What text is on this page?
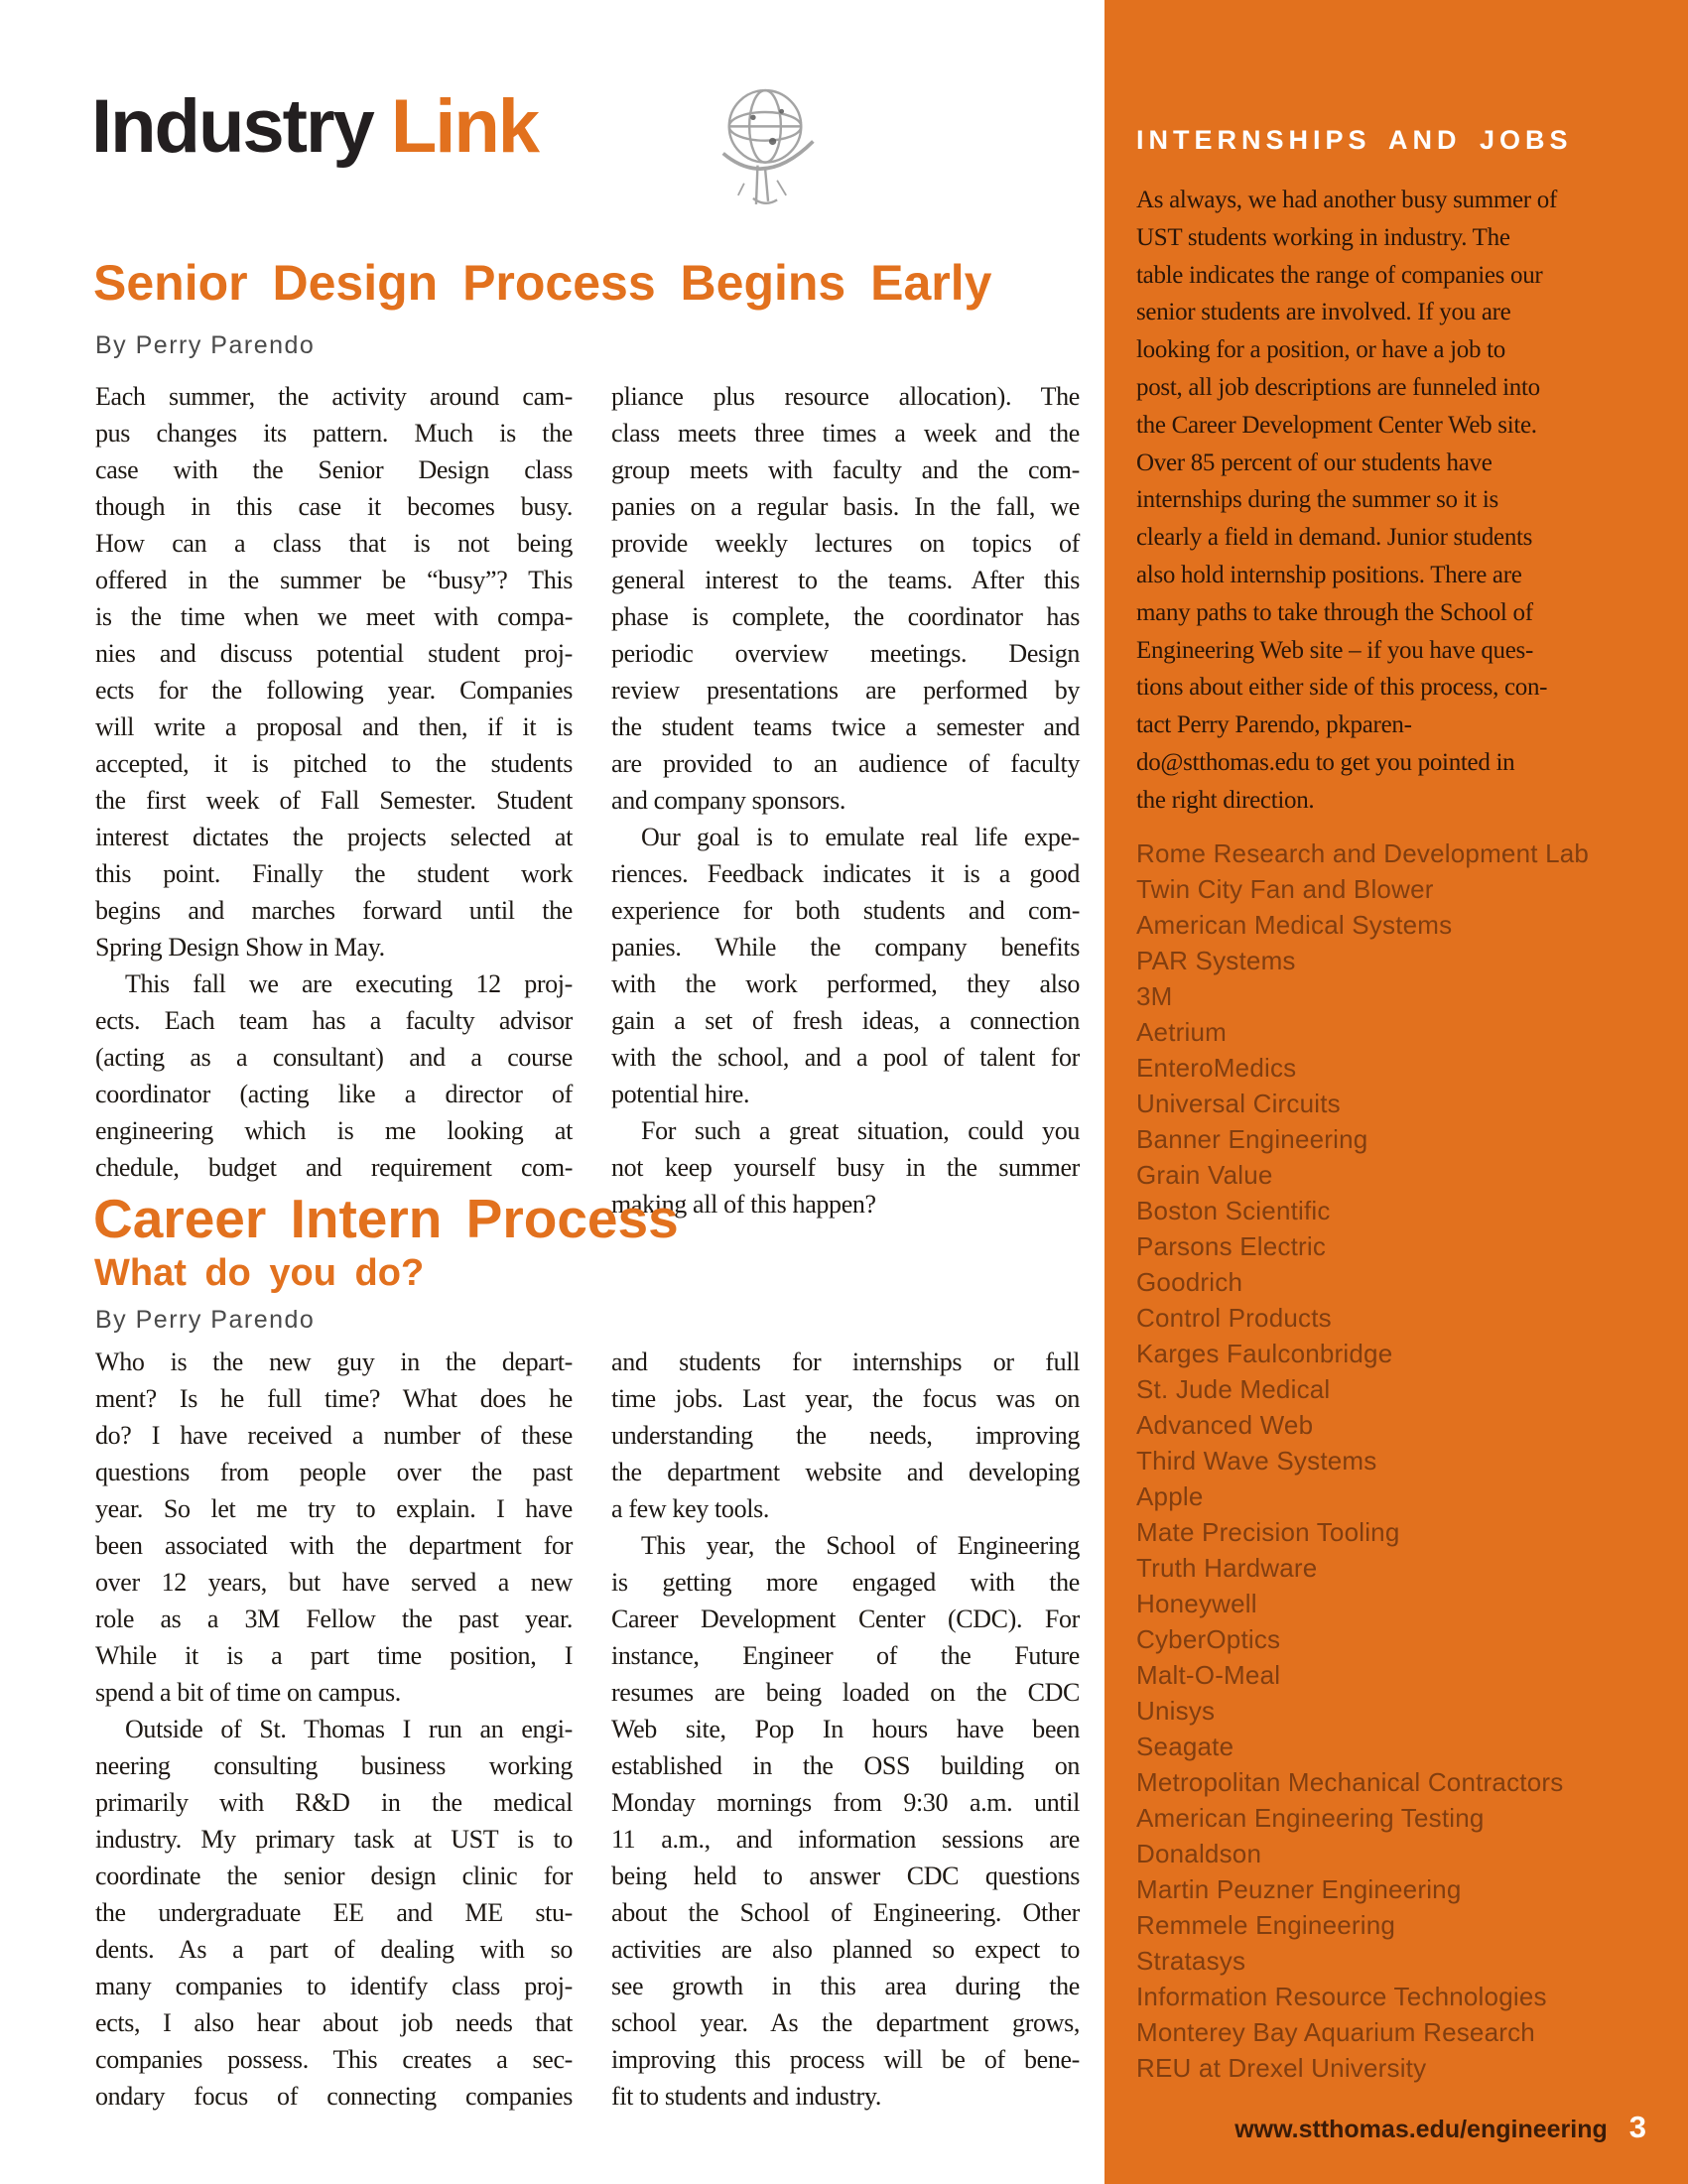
Industry Link
Senior Design Process Begins Early
By Perry Parendo
Each summer, the activity around cam-
pus changes its pattern. Much is the
case with the Senior Design class
though in this case it becomes busy.
How can a class that is not being
offered in the summer be “busy”? This
is the time when we meet with compa-
nies and discuss potential student proj-
ects for the following year. Companies
will write a proposal and then, if it is
accepted, it is pitched to the students
the first week of Fall Semester. Student
interest dictates the projects selected at
this point. Finally the student work
begins and marches forward until the
Spring Design Show in May.
This fall we are executing 12 proj-
ects. Each team has a faculty advisor
(acting as a consultant) and a course
coordinator (acting like a director of
engineering which is me looking at
chedule, budget and requirement com-
pliance plus resource allocation). The
class meets three times a week and the
group meets with faculty and the com-
panies on a regular basis. In the fall, we
provide weekly lectures on topics of
general interest to the teams. After this
phase is complete, the coordinator has
periodic overview meetings. Design
review presentations are performed by
the student teams twice a semester and
are provided to an audience of faculty
and company sponsors.
Our goal is to emulate real life expe-
riences. Feedback indicates it is a good
experience for both students and com-
panies. While the company benefits
with the work performed, they also
gain a set of fresh ideas, a connection
with the school, and a pool of talent for
potential hire.
For such a great situation, could you
not keep yourself busy in the summer
making all of this happen?
Career Intern Process
What do you do?
By Perry Parendo
Who is the new guy in the depart-
ment? Is he full time? What does he
do? I have received a number of these
questions from people over the past
year. So let me try to explain. I have
been associated with the department for
over 12 years, but have served a new
role as a 3M Fellow the past year.
While it is a part time position, I
spend a bit of time on campus.
Outside of St. Thomas I run an engi-
neering consulting business working
primarily with R&D in the medical
industry. My primary task at UST is to
coordinate the senior design clinic for
the undergraduate EE and ME stu-
dents. As a part of dealing with so
many companies to identify class proj-
ects, I also hear about job needs that
companies possess. This creates a sec-
ondary focus of connecting companies
and students for internships or full
time jobs. Last year, the focus was on
understanding the needs, improving
the department website and developing
a few key tools.
This year, the School of Engineering
is getting more engaged with the
Career Development Center (CDC). For
instance, Engineer of the Future
resumes are being loaded on the CDC
Web site, Pop In hours have been
established in the OSS building on
Monday mornings from 9:30 a.m. until
11 a.m., and information sessions are
being held to answer CDC questions
about the School of Engineering. Other
activities are also planned so expect to
see growth in this area during the
school year. As the department grows,
improving this process will be of bene-
fit to students and industry.
INTERNSHIPS AND JOBS
As always, we had another busy summer of
UST students working in industry. The
table indicates the range of companies our
senior students are involved. If you are
looking for a position, or have a job to
post, all job descriptions are funneled into
the Career Development Center Web site.
Over 85 percent of our students have
internships during the summer so it is
clearly a field in demand. Junior students
also hold internship positions. There are
many paths to take through the School of
Engineering Web site – if you have ques-
tions about either side of this process, con-
tact Perry Parendo, pkparen-
do@stthomas.edu to get you pointed in
the right direction.
Rome Research and Development Lab
Twin City Fan and Blower
American Medical Systems
PAR Systems
3M
Aetrium
EnteroMedics
Universal Circuits
Banner Engineering
Grain Value
Boston Scientific
Parsons Electric
Goodrich
Control Products
Karges Faulconbridge
St. Jude Medical
Advanced Web
Third Wave Systems
Apple
Mate Precision Tooling
Truth Hardware
Honeywell
CyberOptics
Malt-O-Meal
Unisys
Seagate
Metropolitan Mechanical Contractors
American Engineering Testing
Donaldson
Martin Peuzner Engineering
Remmele Engineering
Stratasys
Information Resource Technologies
Monterey Bay Aquarium Research
REU at Drexel University
www.stthomas.edu/engineering 3
